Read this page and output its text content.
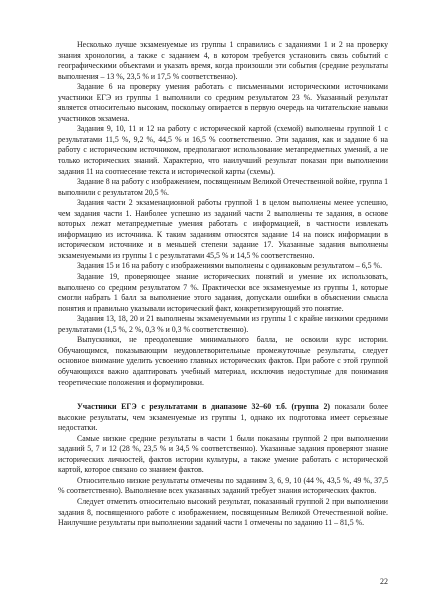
Несколько лучше экзаменуемые из группы 1 справились с заданиями 1 и 2 на проверку знания хронологии, а также с заданием 4, в котором требуется установить связь событий с географическими объектами и указать время, когда произошли эти события (средние результаты выполнения – 13 %, 23,5 % и 17,5 % соответственно).

Задание 6 на проверку умения работать с письменными историческими источниками участники ЕГЭ из группы 1 выполнили со средним результатом 23 %. Указанный результат является относительно высоким, поскольку опирается в первую очередь на читательские навыки участников экзамена.

Задания 9, 10, 11 и 12 на работу с исторической картой (схемой) выполнены группой 1 с результатами 11,5 %, 9,2 %, 44,5 % и 16,5 % соответственно. Эти задания, как и задание 6 на работу с историческим источником, предполагают использование метапредметных умений, а не только исторических знаний. Характерно, что наилучший результат показан при выполнении задания 11 на соотнесение текста и исторической карты (схемы).

Задание 8 на работу с изображением, посвященным Великой Отечественной войне, группа 1 выполнили с результатом 20,5 %.

Задания части 2 экзаменационной работы группой 1 в целом выполнены менее успешно, чем задания части 1. Наиболее успешно из заданий части 2 выполнены те задания, в основе которых лежат метапредметные умения работать с информацией, в частности извлекать информацию из источника. К таким заданиям относятся задание 14 на поиск информации в историческом источнике и в меньшей степени задание 17. Указанные задания выполнены экзаменуемыми из группы 1 с результатами 45,5 % и 14,5 % соответственно.

Задания 15 и 16 на работу с изображениями выполнены с одинаковым результатом – 6,5 %.

Задание 19, проверяющее знание исторических понятий и умение их использовать, выполнено со средним результатом 7 %. Практически все экзаменуемые из группы 1, которые смогли набрать 1 балл за выполнение этого задания, допускали ошибки в объяснении смысла понятия и правильно указывали исторический факт, конкретизирующий это понятие.

Задания 13, 18, 20 и 21 выполнены экзаменуемыми из группы 1 с крайне низкими средними результатами (1,5 %, 2 %, 0,3 % и 0,3 % соответственно).

Выпускники, не преодолевшие минимального балла, не освоили курс истории. Обучающимся, показывающим неудовлетворительные промежуточные результаты, следует основное внимание уделить усвоению главных исторических фактов. При работе с этой группой обучающихся важно адаптировать учебный материал, исключив недоступные для понимания теоретические положения и формулировки.

Участники ЕГЭ с результатами в диапазоне 32–60 т.б. (группа 2) показали более высокие результаты, чем экзаменуемые из группы 1, однако их подготовка имеет серьезные недостатки.

Самые низкие средние результаты в части 1 были показаны группой 2 при выполнении заданий 5, 7 и 12 (28 %, 23,5 % и 34,5 % соответственно). Указанные задания проверяют знание исторических личностей, фактов истории культуры, а также умение работать с исторической картой, которое связано со знанием фактов.

Относительно низкие результаты отмечены по заданиям 3, 6, 9, 10 (44 %, 43,5 %, 49 %, 37,5 % соответственно). Выполнение всех указанных заданий требует знания исторических фактов.

Следует отметить относительно высокий результат, показанный группой 2 при выполнении задания 8, посвященного работе с изображением, посвященным Великой Отечественной войне. Наилучшие результаты при выполнении заданий части 1 отмечены по заданию 11 – 81,5 %.

22
